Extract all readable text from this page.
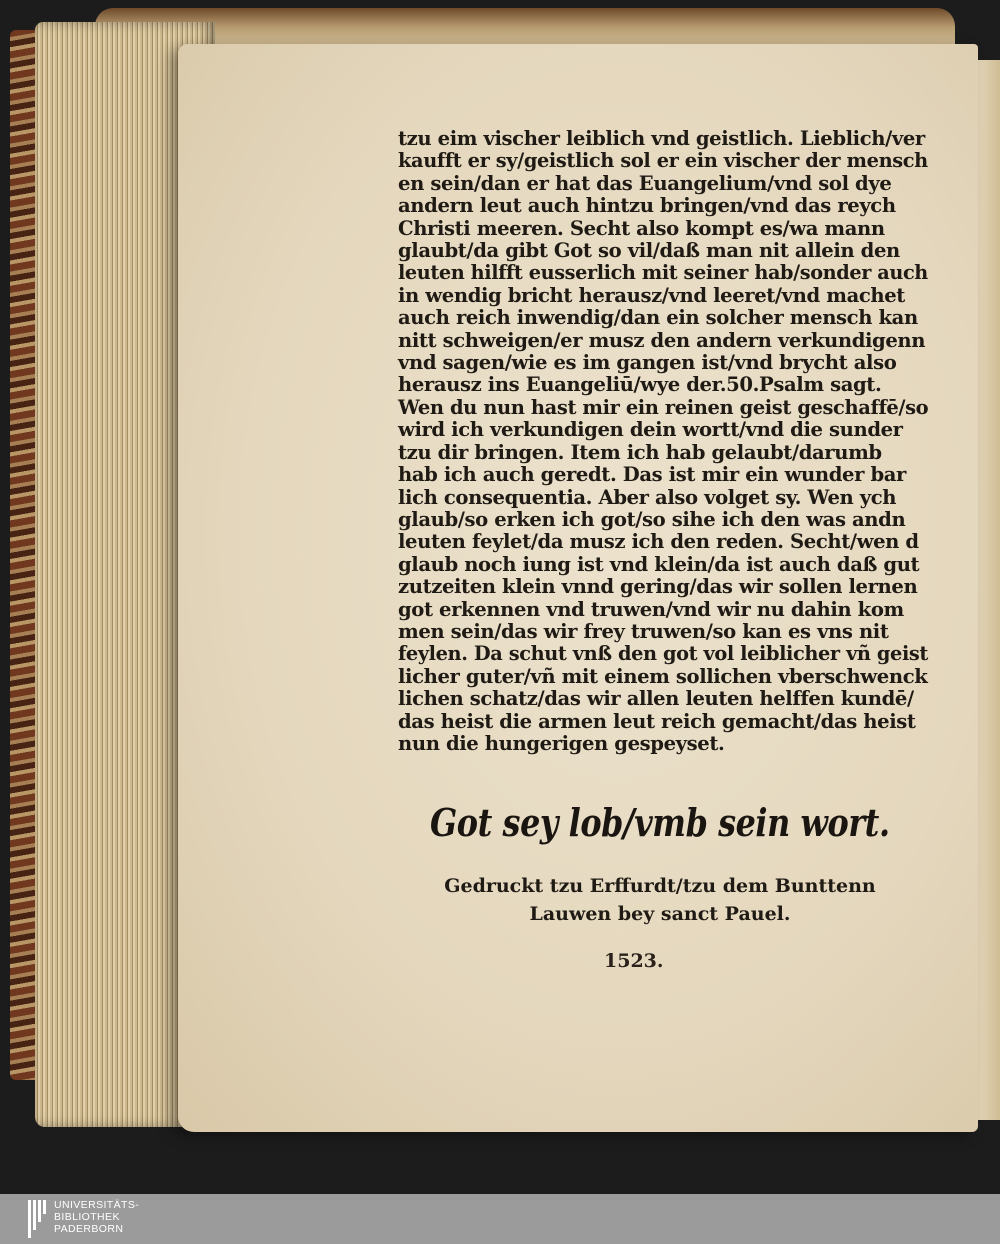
tzu eim vischer leiblich vnd geistlich. Lieblich/ver
kaufft er sy/geistlich sol er ein vischer der mensch
en sein/dan er hat das Euangelium/vnd sol dye
andern leut auch hintzu bringen/vnd das reych
Christi meeren. Secht also kompt es/wa mann
glaubt/da gibt Got so vil/daß man nit allein den
leuten hilfft eusserlich mit seiner hab/sonder auch
in wendig bricht herausz/vnd leeret/vnd machet
auch reich inwendig/dan ein solcher mensch kan
nitt schweigen/er musz den andern verkundigenn
vnd sagen/wie es im gangen ist/vnd brycht also
herausz ins Euangeliū/wye der.50.Psalm sagt.
Wen du nun hast mir ein reinen geist geschaffē/so
wird ich verkundigen dein wortt/vnd die sunder
tzu dir bringen. Item ich hab gelaubt/darumb
hab ich auch geredt. Das ist mir ein wunder bar
lich consequentia. Aber also volget sy. Wen ych
glaub/so erken ich got/so sihe ich den was andn
leuten feylet/da musz ich den reden. Secht/wen d
glaub noch iung ist vnd klein/da ist auch daß gut
zutzeiten klein vnnd gering/das wir sollen lernen
got erkennen vnd truwen/vnd wir nu dahin kom
men sein/das wir frey truwen/so kan es vns nit
feylen. Da schut vnß den got vol leiblicher vñ geist
licher guter/vñ mit einem sollichen vberschwenck
lichen schatz/das wir allen leuten helffen kundē/
das heist die armen leut reich gemacht/das heist
nun die hungerigen gespeyset.
Got sey lob/vmb sein wort.
Gedruckt tzu Erffurdt/tzu dem Bunttenn
Lauwen bey sanct Pauel.
1523.
UNIVERSITÄTS-
BIBLIOTHEK
PADERBORN
